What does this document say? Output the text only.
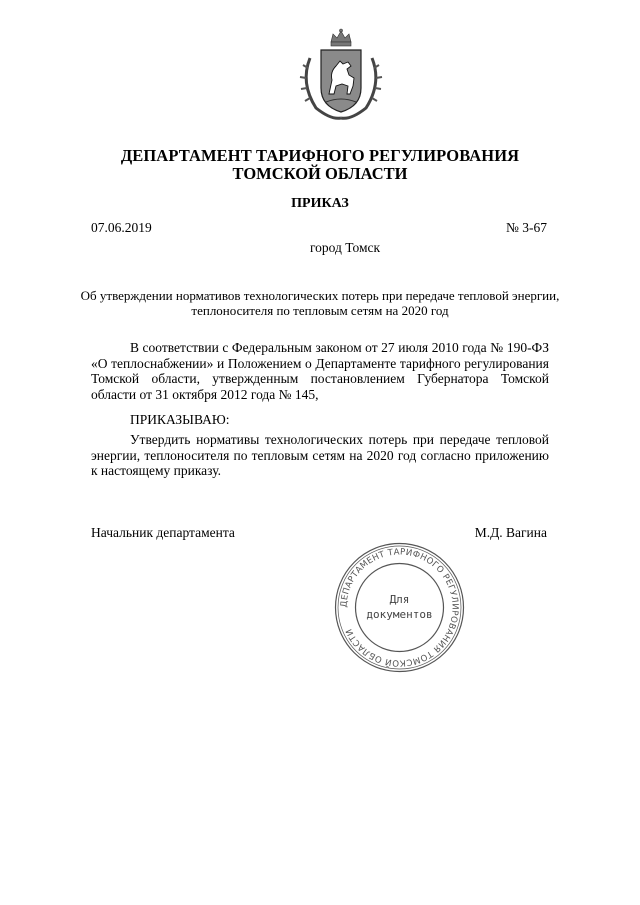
ДЕПАРТАМЕНТ ТАРИФНОГО РЕГУЛИРОВАНИЯ
ТОМСКОЙ ОБЛАСТИ
ПРИКАЗ
07.06.2019	№ 3-67
город Томск
Об утверждении нормативов технологических потерь при передаче тепловой энергии,
теплоносителя по тепловым сетям на 2020 год
В соответствии с Федеральным законом от 27 июля 2010 года № 190-ФЗ «О теплоснабжении» и Положением о Департаменте тарифного регулирования Томской области, утвержденным постановлением Губернатора Томской области от 31 октября 2012 года № 145,
ПРИКАЗЫВАЮ:
Утвердить нормативы технологических потерь при передаче тепловой энергии, теплоносителя по тепловым сетям на 2020 год согласно приложению к настоящему приказу.
Начальник департамента	М.Д. Вагина
ДЕПАРТАМЕНТ ТАРИФНОГО РЕГУЛИРОВАНИЯ ТОМСКОЙ ОБЛАСТИ
Для
документов
